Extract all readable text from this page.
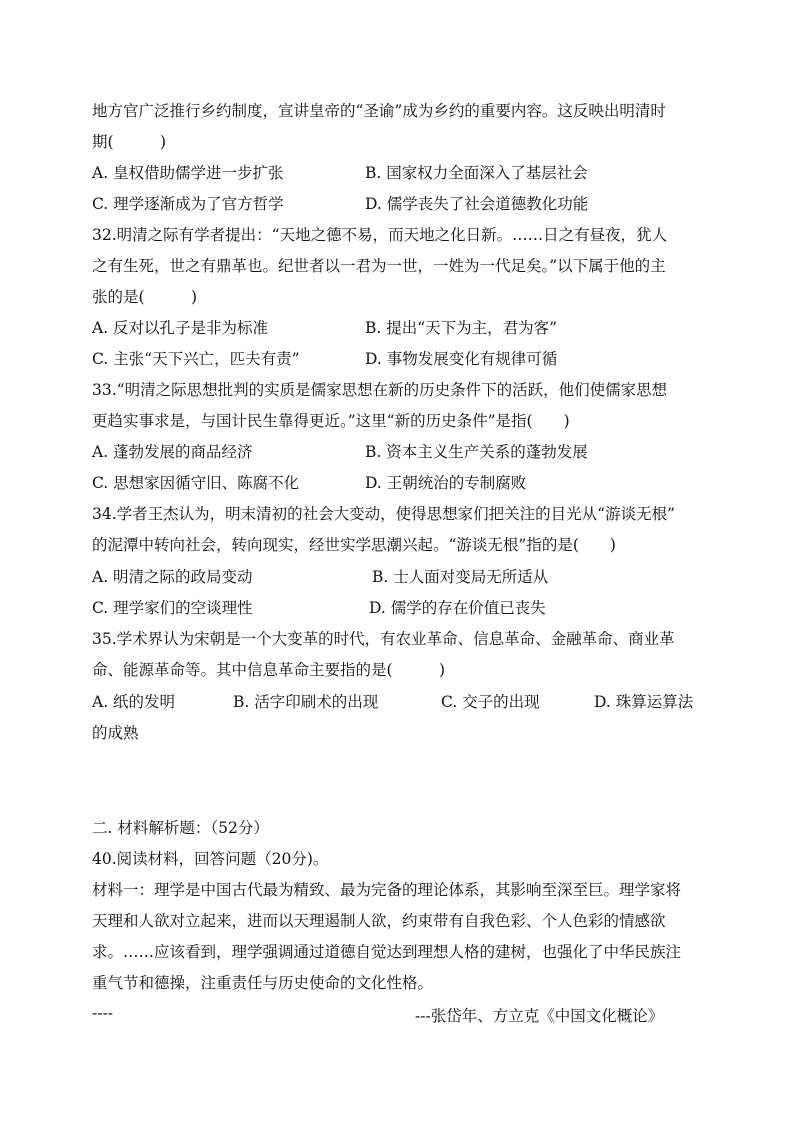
地方官广泛推行乡约制度，宣讲皇帝的“圣谕”成为乡约的重要内容。这反映出明清时
期(　　　)
A. 皇权借助儒学进一步扩张	B. 国家权力全面深入了基层社会
C. 理学逐渐成为了官方哲学	D. 儒学丧失了社会道德教化功能
32.明清之际有学者提出：“天地之德不易，而天地之化日新。……日之有昼夜，犹人
之有生死，世之有鼎革也。纪世者以一君为一世，一姓为一代足矣。”以下属于他的主
张的是(　　　)
A. 反对以孔子是非为标准	B. 提出“天下为主，君为客”
C. 主张“天下兴亡，匹夫有责”	D. 事物发展变化有规律可循
33.“明清之际思想批判的实质是儒家思想在新的历史条件下的活跃，他们使儒家思想
更趋实事求是，与国计民生靠得更近。”这里“新的历史条件”是指(　　)
A. 蓬勃发展的商品经济	B. 资本主义生产关系的蓬勃发展
C. 思想家因循守旧、陈腐不化	D. 王朝统治的专制腐败
34.学者王杰认为，明末清初的社会大变动，使得思想家们把关注的目光从“游谈无根”
的泥潭中转向社会，转向现实，经世实学思潮兴起。“游谈无根”指的是(　　)
A. 明清之际的政局变动	B. 士人面对变局无所适从
C. 理学家们的空谈理性	D. 儒学的存在价值已丧失
35.学术界认为宋朝是一个大变革的时代，有农业革命、信息革命、金融革命、商业革
命、能源革命等。其中信息革命主要指的是(　　　)
A. 纸的发明	B. 活字印刷术的出现	C. 交子的出现	D. 珠算运算法
的成熟
二. 材料解析题：（52分）
40.阅读材料，回答问题（20分)。
材料一：理学是中国古代最为精致、最为完备的理论体系，其影响至深至巨。理学家将
天理和人欲对立起来，进而以天理遏制人欲，约束带有自我色彩、个人色彩的情感欲
求。……应该看到，理学强调通过道德自觉达到理想人格的建树，也强化了中华民族注
重气节和德操，注重责任与历史使命的文化性格。
----	---张岱年、方立克《中国文化概论》
